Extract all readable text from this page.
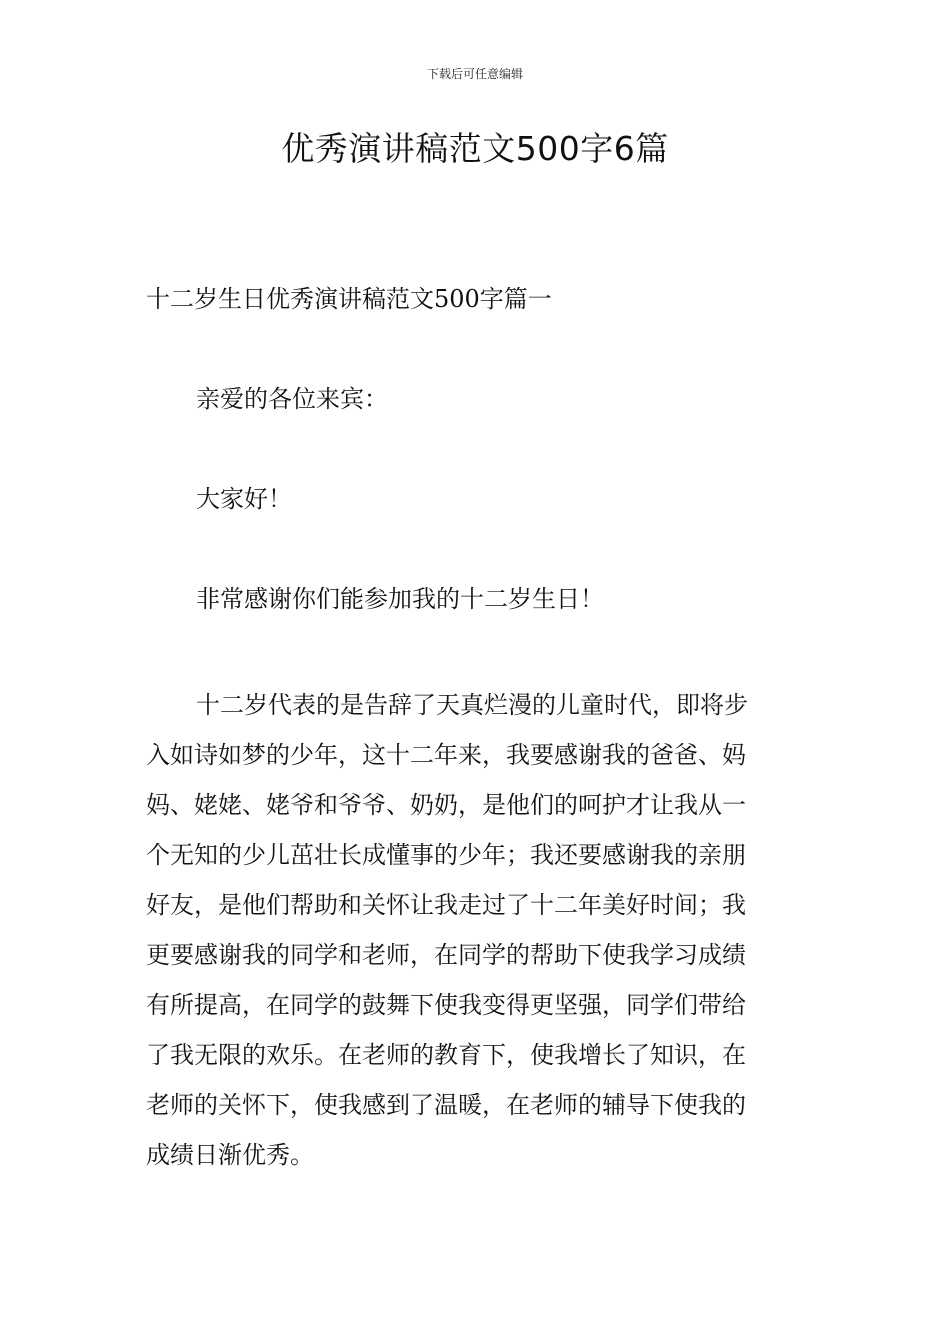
下载后可任意编辑
优秀演讲稿范文500字6篇
十二岁生日优秀演讲稿范文500字篇一
亲爱的各位来宾：
大家好！
非常感谢你们能参加我的十二岁生日！
十二岁代表的是告辞了天真烂漫的儿童时代，即将步
入如诗如梦的少年，这十二年来，我要感谢我的爸爸、妈
妈、姥姥、姥爷和爷爷、奶奶，是他们的呵护才让我从一
个无知的少儿茁壮长成懂事的少年；我还要感谢我的亲朋
好友，是他们帮助和关怀让我走过了十二年美好时间；我
更要感谢我的同学和老师，在同学的帮助下使我学习成绩
有所提高，在同学的鼓舞下使我变得更坚强，同学们带给
了我无限的欢乐。在老师的教育下，使我增长了知识，在
老师的关怀下，使我感到了温暖，在老师的辅导下使我的
成绩日渐优秀。
